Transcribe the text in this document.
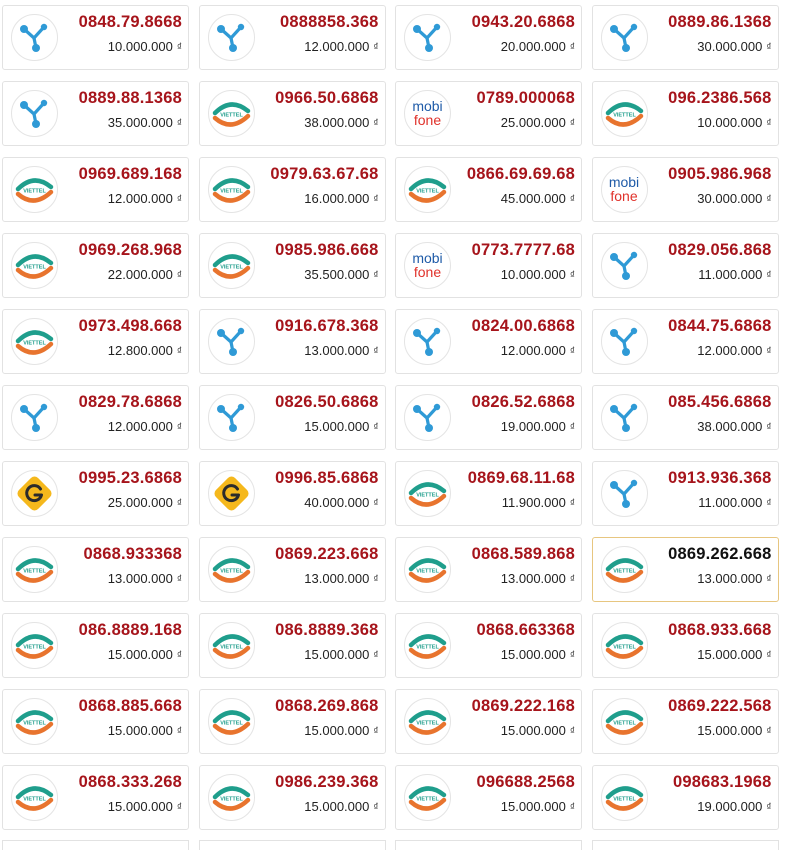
0848.79.8668
10.000.000 ₫
0888858.368
12.000.000 ₫
0943.20.6868
20.000.000 ₫
0889.86.1368
30.000.000 ₫
0889.88.1368
35.000.000 ₫
VIETTEL
0966.50.6868
38.000.000 ₫
mobi
fone
0789.000068
25.000.000 ₫
VIETTEL
096.2386.568
10.000.000 ₫
VIETTEL
0969.689.168
12.000.000 ₫
VIETTEL
0979.63.67.68
16.000.000 ₫
VIETTEL
0866.69.69.68
45.000.000 ₫
mobi
fone
0905.986.968
30.000.000 ₫
VIETTEL
0969.268.968
22.000.000 ₫
VIETTEL
0985.986.668
35.500.000 ₫
mobi
fone
0773.7777.68
10.000.000 ₫
0829.056.868
11.000.000 ₫
VIETTEL
0973.498.668
12.800.000 ₫
0916.678.368
13.000.000 ₫
0824.00.6868
12.000.000 ₫
0844.75.6868
12.000.000 ₫
0829.78.6868
12.000.000 ₫
0826.50.6868
15.000.000 ₫
0826.52.6868
19.000.000 ₫
085.456.6868
38.000.000 ₫
0995.23.6868
25.000.000 ₫
0996.85.6868
40.000.000 ₫
VIETTEL
0869.68.11.68
11.900.000 ₫
0913.936.368
11.000.000 ₫
VIETTEL
0868.933368
13.000.000 ₫
VIETTEL
0869.223.668
13.000.000 ₫
VIETTEL
0868.589.868
13.000.000 ₫
VIETTEL
0869.262.668
13.000.000 ₫
VIETTEL
086.8889.168
15.000.000 ₫
VIETTEL
086.8889.368
15.000.000 ₫
VIETTEL
0868.663368
15.000.000 ₫
VIETTEL
0868.933.668
15.000.000 ₫
VIETTEL
0868.885.668
15.000.000 ₫
VIETTEL
0868.269.868
15.000.000 ₫
VIETTEL
0869.222.168
15.000.000 ₫
VIETTEL
0869.222.568
15.000.000 ₫
VIETTEL
0868.333.268
15.000.000 ₫
VIETTEL
0986.239.368
15.000.000 ₫
VIETTEL
096688.2568
15.000.000 ₫
VIETTEL
098683.1968
19.000.000 ₫
